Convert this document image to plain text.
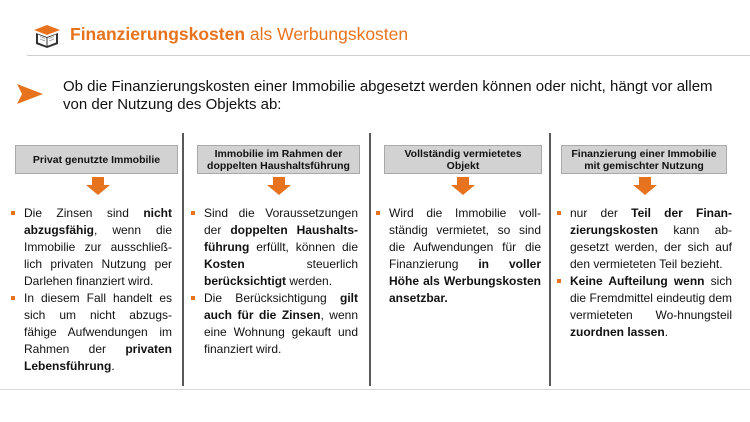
Finanzierungskosten als Werbungskosten
Ob die Finanzierungskosten einer Immobilie abgesetzt werden können oder nicht, hängt vor allem von der Nutzung des Objekts ab:
Privat genutzte Immobilie
Die Zinsen sind nicht abzugsfähig, wenn die Immobilie zur ausschließ-lich privaten Nutzung per Darlehen finanziert wird.
In diesem Fall handelt es sich um nicht abzugs-fähige Aufwendungen im Rahmen der privaten Lebensführung.
Immobilie im Rahmen der doppelten Haushaltsführung
Sind die Voraussetzungen der doppelten Haushalts-führung erfüllt, können die Kosten steuerlich berücksichtigt werden.
Die Berücksichtigung gilt auch für die Zinsen, wenn eine Wohnung gekauft und finanziert wird.
Vollständig vermietetes Objekt
Wird die Immobilie voll-ständig vermietet, so sind die Aufwendungen für die Finanzierung in voller Höhe als Werbungskosten ansetzbar.
Finanzierung einer Immobilie mit gemischter Nutzung
nur der Teil der Finan-zierungskosten kann ab-gesetzt werden, der sich auf den vermieteten Teil bezieht.
Keine Aufteilung wenn sich die Fremdmittel eindeutig dem vermieteten Wo-hnungsteil zuordnen lassen.
